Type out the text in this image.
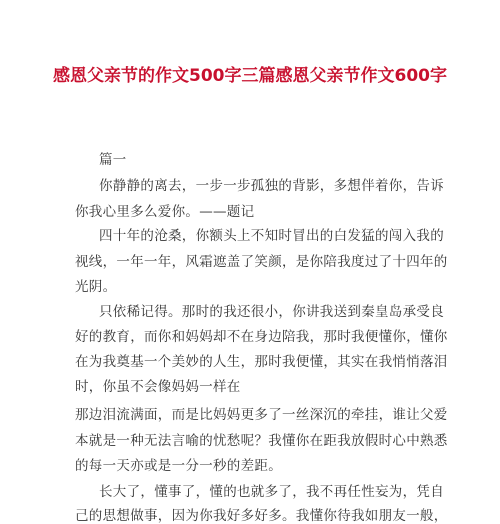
感恩父亲节的作文500字三篇感恩父亲节作文600字
篇一
你静静的离去，一步一步孤独的背影，多想伴着你，告诉
你我心里多么爱你。——题记
四十年的沧桑，你额头上不知时冒出的白发猛的闯入我的
视线，一年一年，风霜遮盖了笑颜，是你陪我度过了十四年的
光阴。
只依稀记得。那时的我还很小，你讲我送到秦皇岛承受良
好的教育，而你和妈妈却不在身边陪我，那时我便懂你，懂你
在为我奠基一个美妙的人生，那时我便懂，其实在我悄悄落泪
时，你虽不会像妈妈一样在
那边泪流满面，而是比妈妈更多了一丝深沉的牵挂，谁让父爱
本就是一种无法言喻的忧愁呢？我懂你在距我放假时心中熟悉
的每一天亦或是一分一秒的差距。
长大了，懂事了，懂的也就多了，我不再任性妄为，凭自
己的思想做事，因为你我好多好多。我懂你待我如朋友一般，
